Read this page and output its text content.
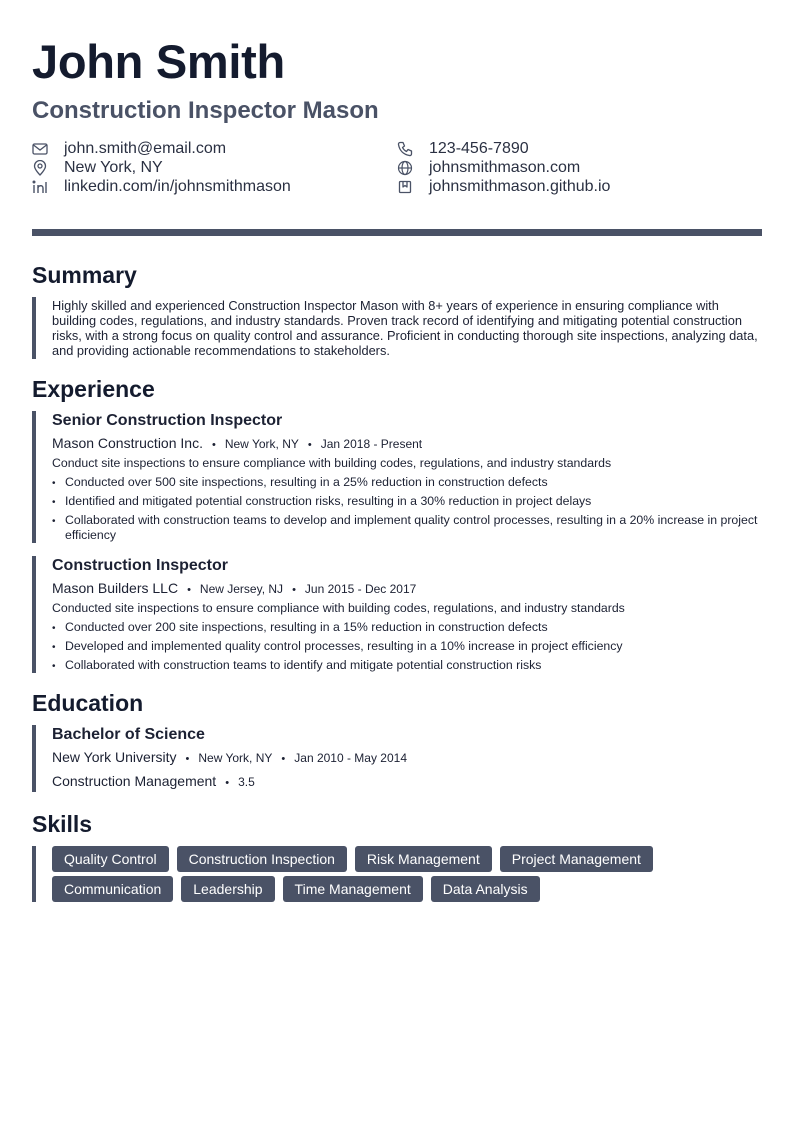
John Smith
Construction Inspector Mason
john.smith@email.com	123-456-7890
New York, NY	johnsmithmason.com
linkedin.com/in/johnsmithmason	johnsmithmason.github.io
Summary
Highly skilled and experienced Construction Inspector Mason with 8+ years of experience in ensuring compliance with building codes, regulations, and industry standards. Proven track record of identifying and mitigating potential construction risks, with a strong focus on quality control and assurance. Proficient in conducting thorough site inspections, analyzing data, and providing actionable recommendations to stakeholders.
Experience
Senior Construction Inspector
Mason Construction Inc. • New York, NY • Jan 2018 - Present
Conduct site inspections to ensure compliance with building codes, regulations, and industry standards
• Conducted over 500 site inspections, resulting in a 25% reduction in construction defects
• Identified and mitigated potential construction risks, resulting in a 30% reduction in project delays
• Collaborated with construction teams to develop and implement quality control processes, resulting in a 20% increase in project efficiency
Construction Inspector
Mason Builders LLC • New Jersey, NJ • Jun 2015 - Dec 2017
Conducted site inspections to ensure compliance with building codes, regulations, and industry standards
• Conducted over 200 site inspections, resulting in a 15% reduction in construction defects
• Developed and implemented quality control processes, resulting in a 10% increase in project efficiency
• Collaborated with construction teams to identify and mitigate potential construction risks
Education
Bachelor of Science
New York University • New York, NY • Jan 2010 - May 2014
Construction Management • 3.5
Skills
Quality Control	Construction Inspection	Risk Management	Project Management
Communication	Leadership	Time Management	Data Analysis
